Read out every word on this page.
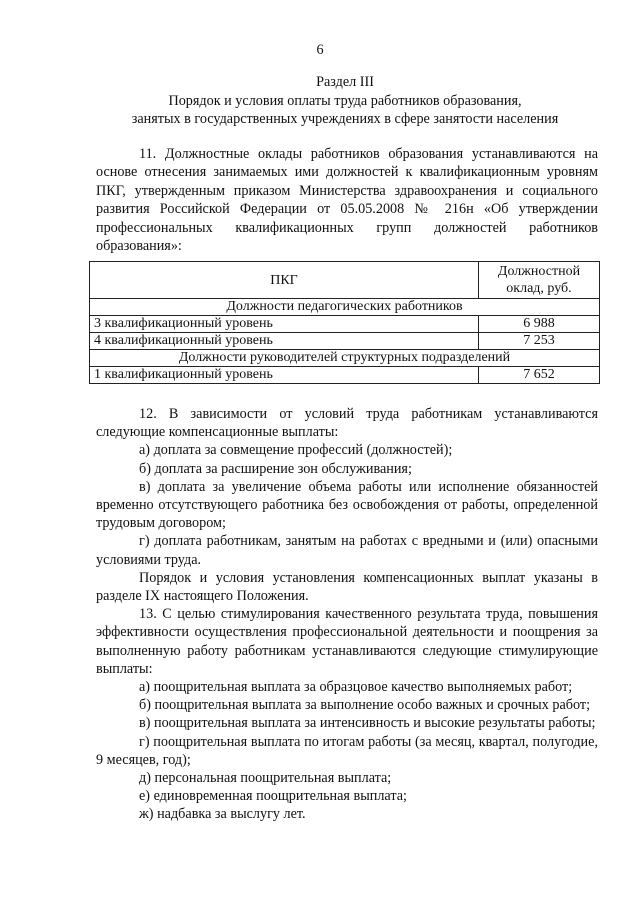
6
Раздел III
Порядок и условия оплаты труда работников образования,
занятых в государственных учреждениях в сфере занятости населения
11. Должностные оклады работников образования устанавливаются на основе отнесения занимаемых ими должностей к квалификационным уровням ПКГ, утвержденным приказом Министерства здравоохранения и социального развития Российской Федерации от 05.05.2008 № 216н «Об утверждении профессиональных квалификационных групп должностей работников образования»:
ПКГ	Должностной
оклад, руб.
Должности педагогических работников	
3 квалификационный уровень	6 988
4 квалификационный уровень	7 253
Должности руководителей структурных подразделений	
1 квалификационный уровень	7 652
12. В зависимости от условий труда работникам устанавливаются следующие компенсационные выплаты:
а) доплата за совмещение профессий (должностей);
б) доплата за расширение зон обслуживания;
в) доплата за увеличение объема работы или исполнение обязанностей временно отсутствующего работника без освобождения от работы, определенной трудовым договором;
г) доплата работникам, занятым на работах с вредными и (или) опасными условиями труда.
Порядок и условия установления компенсационных выплат указаны в разделе IX настоящего Положения.
13. С целью стимулирования качественного результата труда, повышения эффективности осуществления профессиональной деятельности и поощрения за выполненную работу работникам устанавливаются следующие стимулирующие выплаты:
а) поощрительная выплата за образцовое качество выполняемых работ;
б) поощрительная выплата за выполнение особо важных и срочных работ;
в) поощрительная выплата за интенсивность и высокие результаты работы;
г) поощрительная выплата по итогам работы (за месяц, квартал, полугодие, 9 месяцев, год);
д) персональная поощрительная выплата;
е) единовременная поощрительная выплата;
ж) надбавка за выслугу лет.
